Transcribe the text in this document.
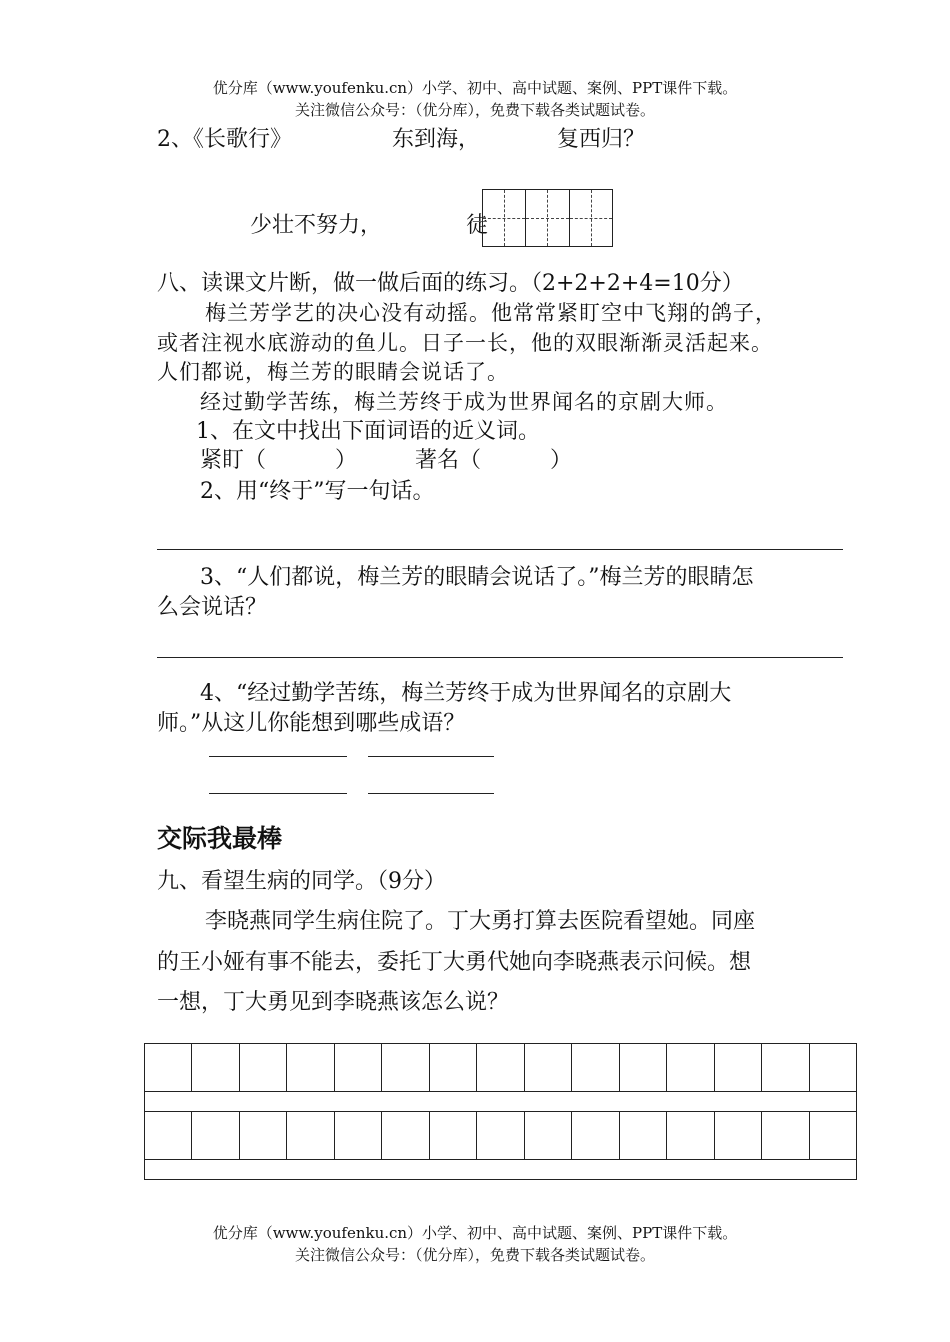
优分库（www.youfenku.cn）小学、初中、高中试题、案例、PPT课件下载。
关注微信公众号：（优分库），免费下载各类试题试卷。
2、《长歌行》	东到海，	复西归？
少壮不努力，	徒
八、读课文片断，做一做后面的练习。（2+2+2+4=10分）
梅兰芳学艺的决心没有动摇。他常常紧盯空中飞翔的鸽子，
或者注视水底游动的鱼儿。日子一长，他的双眼渐渐灵活起来。
人们都说，梅兰芳的眼睛会说话了。
经过勤学苦练，梅兰芳终于成为世界闻名的京剧大师。
1、在文中找出下面词语的近义词。
紧盯（	）	著名（	）
2、用“终于”写一句话。
3、“人们都说，梅兰芳的眼睛会说话了。”梅兰芳的眼睛怎
么会说话？
4、“经过勤学苦练，梅兰芳终于成为世界闻名的京剧大
师。”从这儿你能想到哪些成语？
交际我最棒
九、看望生病的同学。（9分）
李晓燕同学生病住院了。丁大勇打算去医院看望她。同座
的王小娅有事不能去，委托丁大勇代她向李晓燕表示问候。想
一想，丁大勇见到李晓燕该怎么说？
优分库（www.youfenku.cn）小学、初中、高中试题、案例、PPT课件下载。
关注微信公众号：（优分库），免费下载各类试题试卷。
